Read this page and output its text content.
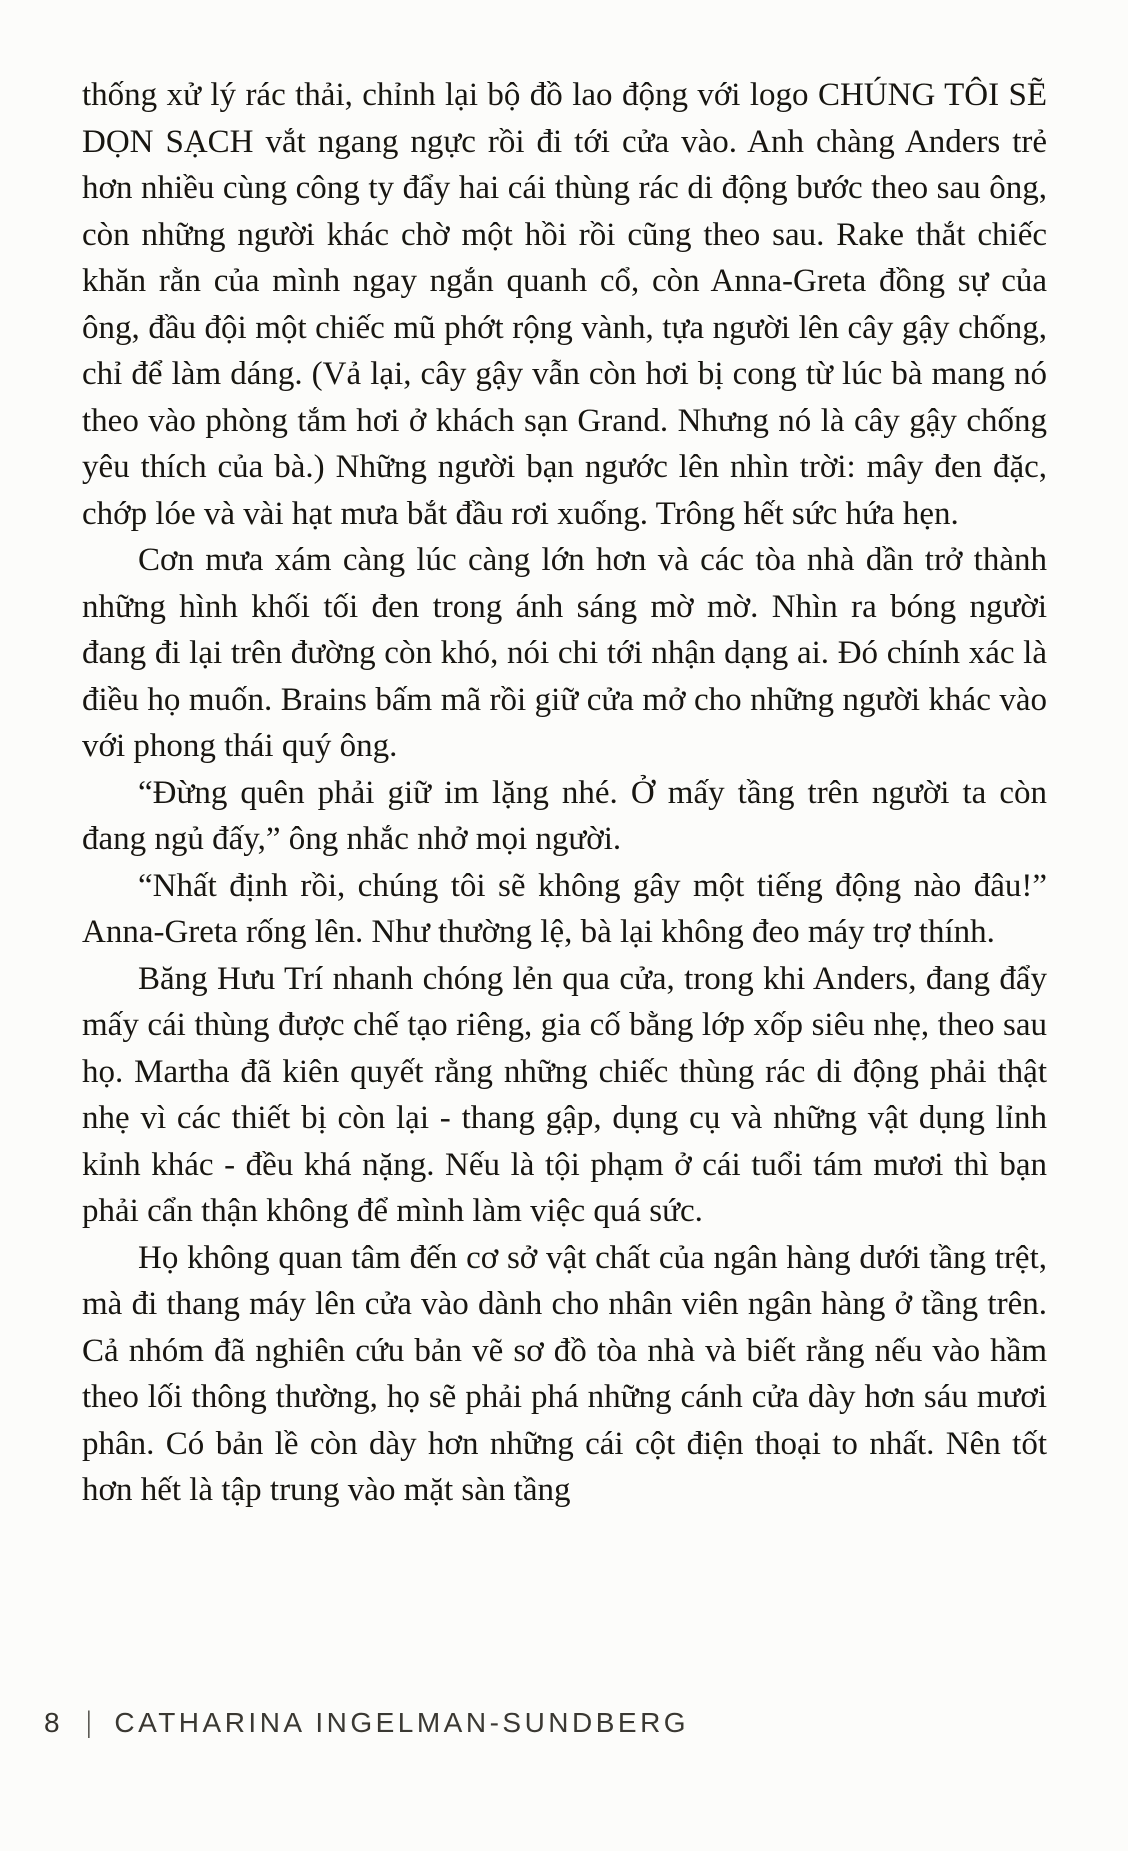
thống xử lý rác thải, chỉnh lại bộ đồ lao động với logo CHÚNG TÔI SẼ DỌN SẠCH vắt ngang ngực rồi đi tới cửa vào. Anh chàng Anders trẻ hơn nhiều cùng công ty đẩy hai cái thùng rác di động bước theo sau ông, còn những người khác chờ một hồi rồi cũng theo sau. Rake thắt chiếc khăn rằn của mình ngay ngắn quanh cổ, còn Anna-Greta đồng sự của ông, đầu đội một chiếc mũ phớt rộng vành, tựa người lên cây gậy chống, chỉ để làm dáng. (Vả lại, cây gậy vẫn còn hơi bị cong từ lúc bà mang nó theo vào phòng tắm hơi ở khách sạn Grand. Nhưng nó là cây gậy chống yêu thích của bà.) Những người bạn ngước lên nhìn trời: mây đen đặc, chớp lóe và vài hạt mưa bắt đầu rơi xuống. Trông hết sức hứa hẹn.

Cơn mưa xám càng lúc càng lớn hơn và các tòa nhà dần trở thành những hình khối tối đen trong ánh sáng mờ mờ. Nhìn ra bóng người đang đi lại trên đường còn khó, nói chi tới nhận dạng ai. Đó chính xác là điều họ muốn. Brains bấm mã rồi giữ cửa mở cho những người khác vào với phong thái quý ông.

“Đừng quên phải giữ im lặng nhé. Ở mấy tầng trên người ta còn đang ngủ đấy,” ông nhắc nhở mọi người.

“Nhất định rồi, chúng tôi sẽ không gây một tiếng động nào đâu!” Anna-Greta rống lên. Như thường lệ, bà lại không đeo máy trợ thính.

Băng Hưu Trí nhanh chóng lẻn qua cửa, trong khi Anders, đang đẩy mấy cái thùng được chế tạo riêng, gia cố bằng lớp xốp siêu nhẹ, theo sau họ. Martha đã kiên quyết rằng những chiếc thùng rác di động phải thật nhẹ vì các thiết bị còn lại - thang gập, dụng cụ và những vật dụng lỉnh kỉnh khác - đều khá nặng. Nếu là tội phạm ở cái tuổi tám mươi thì bạn phải cẩn thận không để mình làm việc quá sức.

Họ không quan tâm đến cơ sở vật chất của ngân hàng dưới tầng trệt, mà đi thang máy lên cửa vào dành cho nhân viên ngân hàng ở tầng trên. Cả nhóm đã nghiên cứu bản vẽ sơ đồ tòa nhà và biết rằng nếu vào hầm theo lối thông thường, họ sẽ phải phá những cánh cửa dày hơn sáu mươi phân. Có bản lề còn dày hơn những cái cột điện thoại to nhất. Nên tốt hơn hết là tập trung vào mặt sàn tầng

8 | CATHARINA INGELMAN-SUNDBERG
